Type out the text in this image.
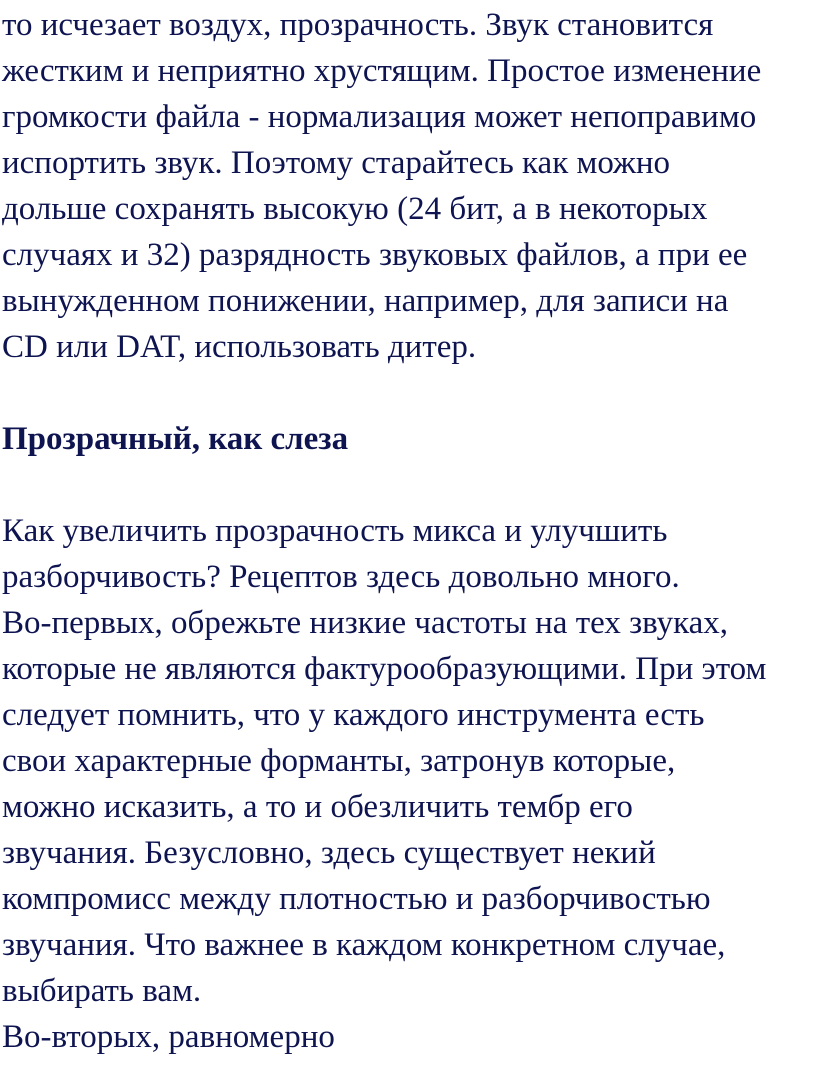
то исчезает воздух, прозрачность. Звук становится
жестким и неприятно хрустящим. Простое изменение
громкости файла - нормализация может непоправимо
испортить звук. Поэтому старайтесь как можно
дольше сохранять высокую (24 бит, а в некоторых
случаях и 32) разрядность звуковых файлов, а при ее
вынужденном понижении, например, для записи на
CD или DAT, использовать дитер.
Прозрачный, как слеза
Как увеличить прозрачность микса и улучшить
разборчивость? Рецептов здесь довольно много.
Во-первых, обрежьте низкие частоты на тех звуках,
которые не являются фактурообразующими. При этом
следует помнить, что у каждого инструмента есть
свои характерные форманты, затронув которые,
можно исказить, а то и обезличить тембр его
звучания. Безусловно, здесь существует некий
компромисс между плотностью и разборчивостью
звучания. Что важнее в каждом конкретном случае,
выбирать вам.
Во-вторых, равномерно
